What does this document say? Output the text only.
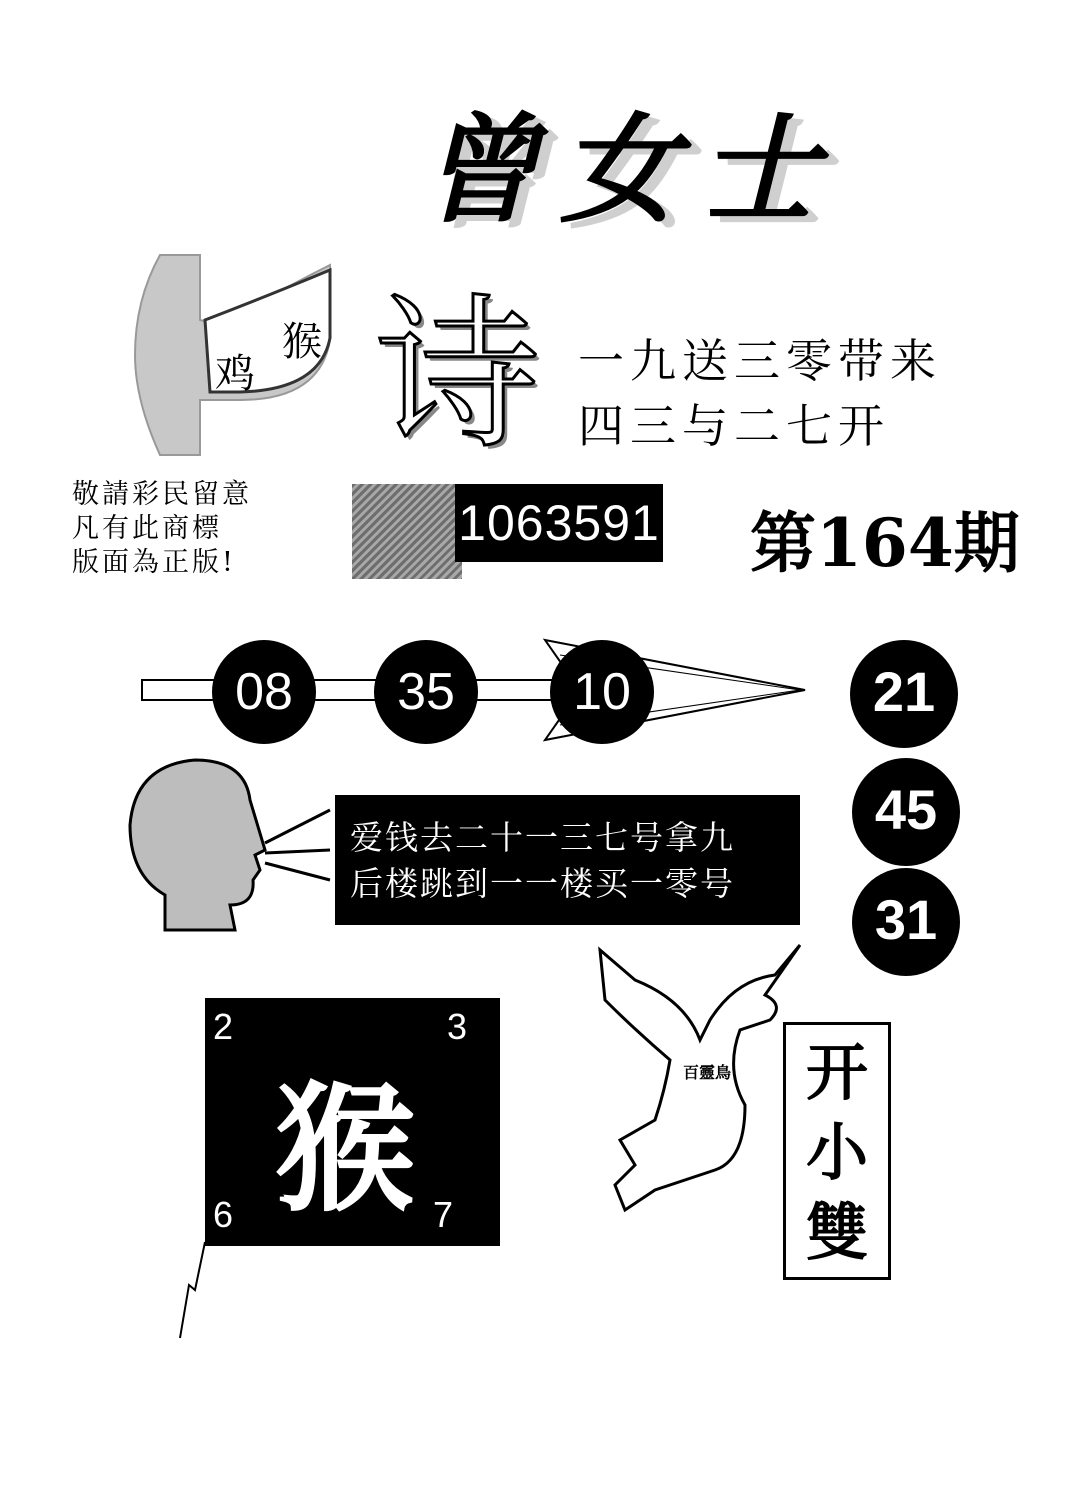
曾女士
猴
鸡 诗 一九送三零带来
四三与二七开
敬請彩民留意
凡有此商標
版面為正版!
1063591 第164期
08	35	10	21
45
31
爱钱去二十一三七号拿九
后楼跳到一一楼买一零号
2	3
6	7
猴	百靈鳥	开
小
雙
